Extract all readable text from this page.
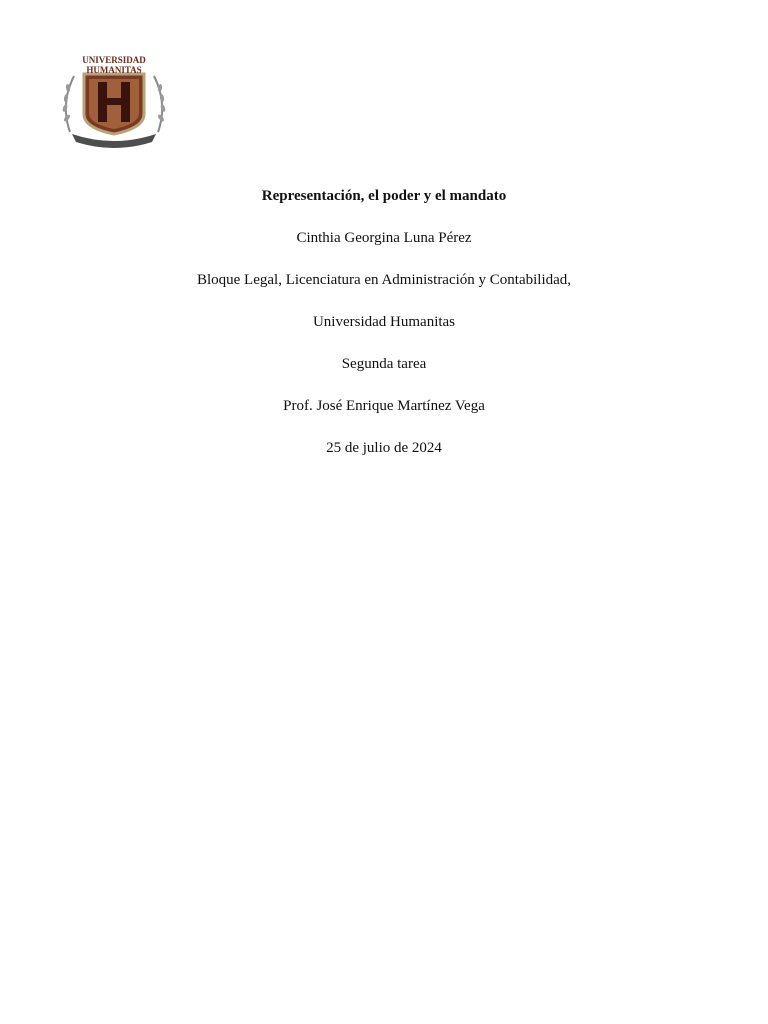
UNIVERSIDAD
HUMANITAS
Representación, el poder y el mandato
Cinthia Georgina Luna Pérez
Bloque Legal, Licenciatura en Administración y Contabilidad,
Universidad Humanitas
Segunda tarea
Prof. José Enrique Martínez Vega
25 de julio de 2024
